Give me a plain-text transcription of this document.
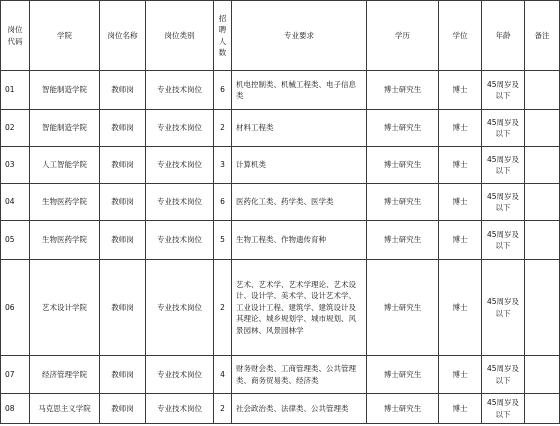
岗位代码	学院	岗位名称	岗位类别	招聘人数	专业要求	学历	学位	年龄	备注
01	智能制造学院	教师岗	专业技术岗位	6	机电控制类、机械工程类、电子信息类	博士研究生	博士	45周岁及以下	
02	智能制造学院	教师岗	专业技术岗位	2	材料工程类	博士研究生	博士	45周岁及以下	
03	人工智能学院	教师岗	专业技术岗位	3	计算机类	博士研究生	博士	45周岁及以下	
04	生物医药学院	教师岗	专业技术岗位	6	医药化工类、药学类、医学类	博士研究生	博士	45周岁及以下	
05	生物医药学院	教师岗	专业技术岗位	5	生物工程类、作物遗传育种	博士研究生	博士	45周岁及以下	
06	艺术设计学院	教师岗	专业技术岗位	2	艺术、艺术学、艺术学理论、艺术设计、设计学、美术学、设计艺术学、工业设计工程、建筑学、建筑设计及其理论、城乡规划学、城市规划、风景园林、风景园林学	博士研究生	博士	45周岁及以下	
07	经济管理学院	教师岗	专业技术岗位	4	财务财会类、工商管理类、公共管理类、商务贸易类、经济类	博士研究生	博士	45周岁及以下	
08	马克思主义学院	教师岗	专业技术岗位	2	社会政治类、法律类、公共管理类	博士研究生	博士	45周岁及以下	
